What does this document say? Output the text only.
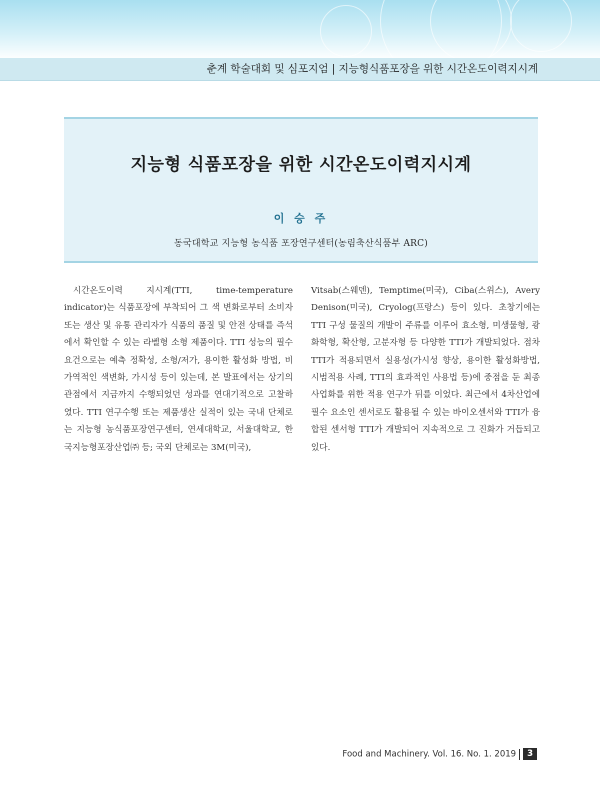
춘계 학술대회 및 심포지엄 | 지능형식품포장을 위한 시간온도이력지시계
지능형 식품포장을 위한 시간온도이력지시계
이 승 주
동국대학교 지능형 농식품 포장연구센터(농림축산식품부 ARC)

시간온도이력 지시계(TTI, time-temperature indicator)는 식품포장에 부착되어 그 색 변화로부터 소비자 또는 생산 및 유통 관리자가 식품의 품질 및 안전 상태를 즉석에서 확인할 수 있는 라벨형 소형 제품이다. TTI 성능의 필수요건으로는 예측 정확성, 소형/저가, 용이한 활성화 방법, 비가역적인 색변화, 가시성 등이 있는데, 본 발표에서는 상기의 관점에서 지금까지 수행되었던 성과를 연대기적으로 고찰하였다. TTI 연구수행 또는 제품생산 실적이 있는 국내 단체로는 지능형 농식품포장연구센터, 연세대학교, 서울대학교, 한국지능형포장산업㈜ 등; 국외 단체로는 3M(미국),

Vitsab(스웨덴), Temptime(미국), Ciba(스위스), Avery Denison(미국), Cryolog(프랑스) 등이 있다. 초창기에는 TTI 구성 물질의 개발이 주류를 이루어 효소형, 미생물형, 광화학형, 확산형, 고분자형 등 다양한 TTI가 개발되었다. 점차 TTI가 적용되면서 실용성(가시성 향상, 용이한 활성화방법, 시범적용 사례, TTI의 효과적인 사용법 등)에 중점을 둔 최종 사업화를 위한 적용 연구가 뒤를 이었다. 최근에서 4차산업에 필수 요소인 센서로도 활용될 수 있는 바이오센서와 TTI가 융합된 센서형 TTI가 개발되어 지속적으로 그 진화가 거듭되고 있다.

Food and Machinery. Vol. 16. No. 1. 2019 3
